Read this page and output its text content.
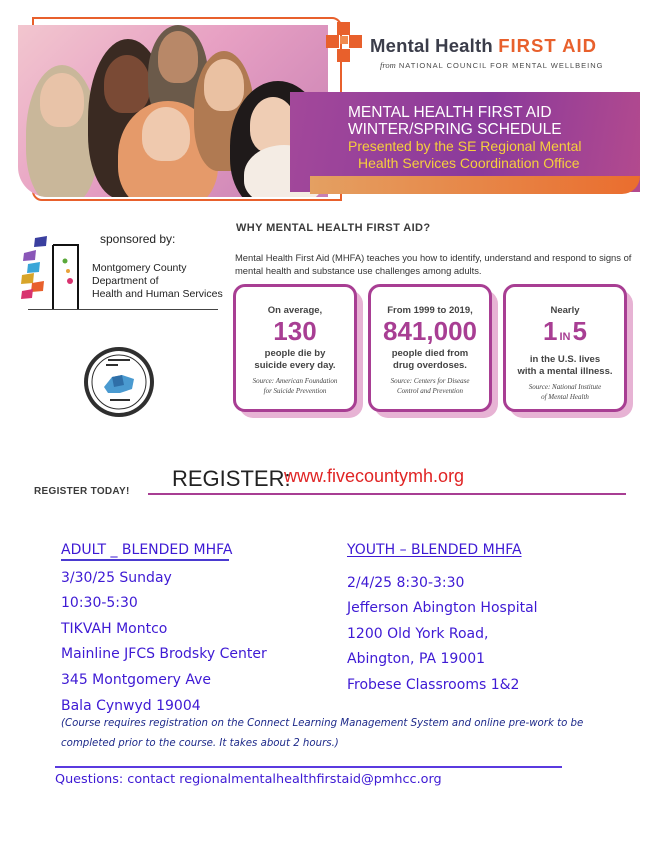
MENTAL HEALTH FIRST AID
WINTER/SPRING SCHEDULE
Presented by the SE Regional Mental
Health Services Coordination Office
Mental Health FIRST AID
from NATIONAL COUNCIL FOR MENTAL WELLBEING
sponsored by:
Montgomery County
Department of
Health and Human Services
WHY MENTAL HEALTH FIRST AID?
Mental Health First Aid (MHFA) teaches you how to identify, understand and respond to signs of mental health and substance use challenges among adults.
On average,
130
people die by
suicide every day.
Source: American Foundation
for Suicide Prevention
From 1999 to 2019,
841,000
people died from
drug overdoses.
Source: Centers for Disease
Control and Prevention
Nearly
1 IN5
in the U.S. lives
with a mental illness.
Source: National Institute
of Mental Health
REGISTER:
www.fivecountymh.org
REGISTER TODAY!
ADULT _ BLENDED MHFA
3/30/25 Sunday
10:30-5:30
TIKVAH Montco
Mainline JFCS Brodsky Center
345 Montgomery Ave
Bala Cynwyd 19004
YOUTH – BLENDED MHFA
2/4/25 8:30-3:30
Jefferson Abington Hospital
1200 Old York Road,
Abington, PA 19001
Frobese Classrooms 1&2
(Course requires registration on the Connect Learning Management System and online pre-work to be completed prior to the course. It takes about 2 hours.)
Questions: contact regionalmentalhealthfirstaid@pmhcc.org
